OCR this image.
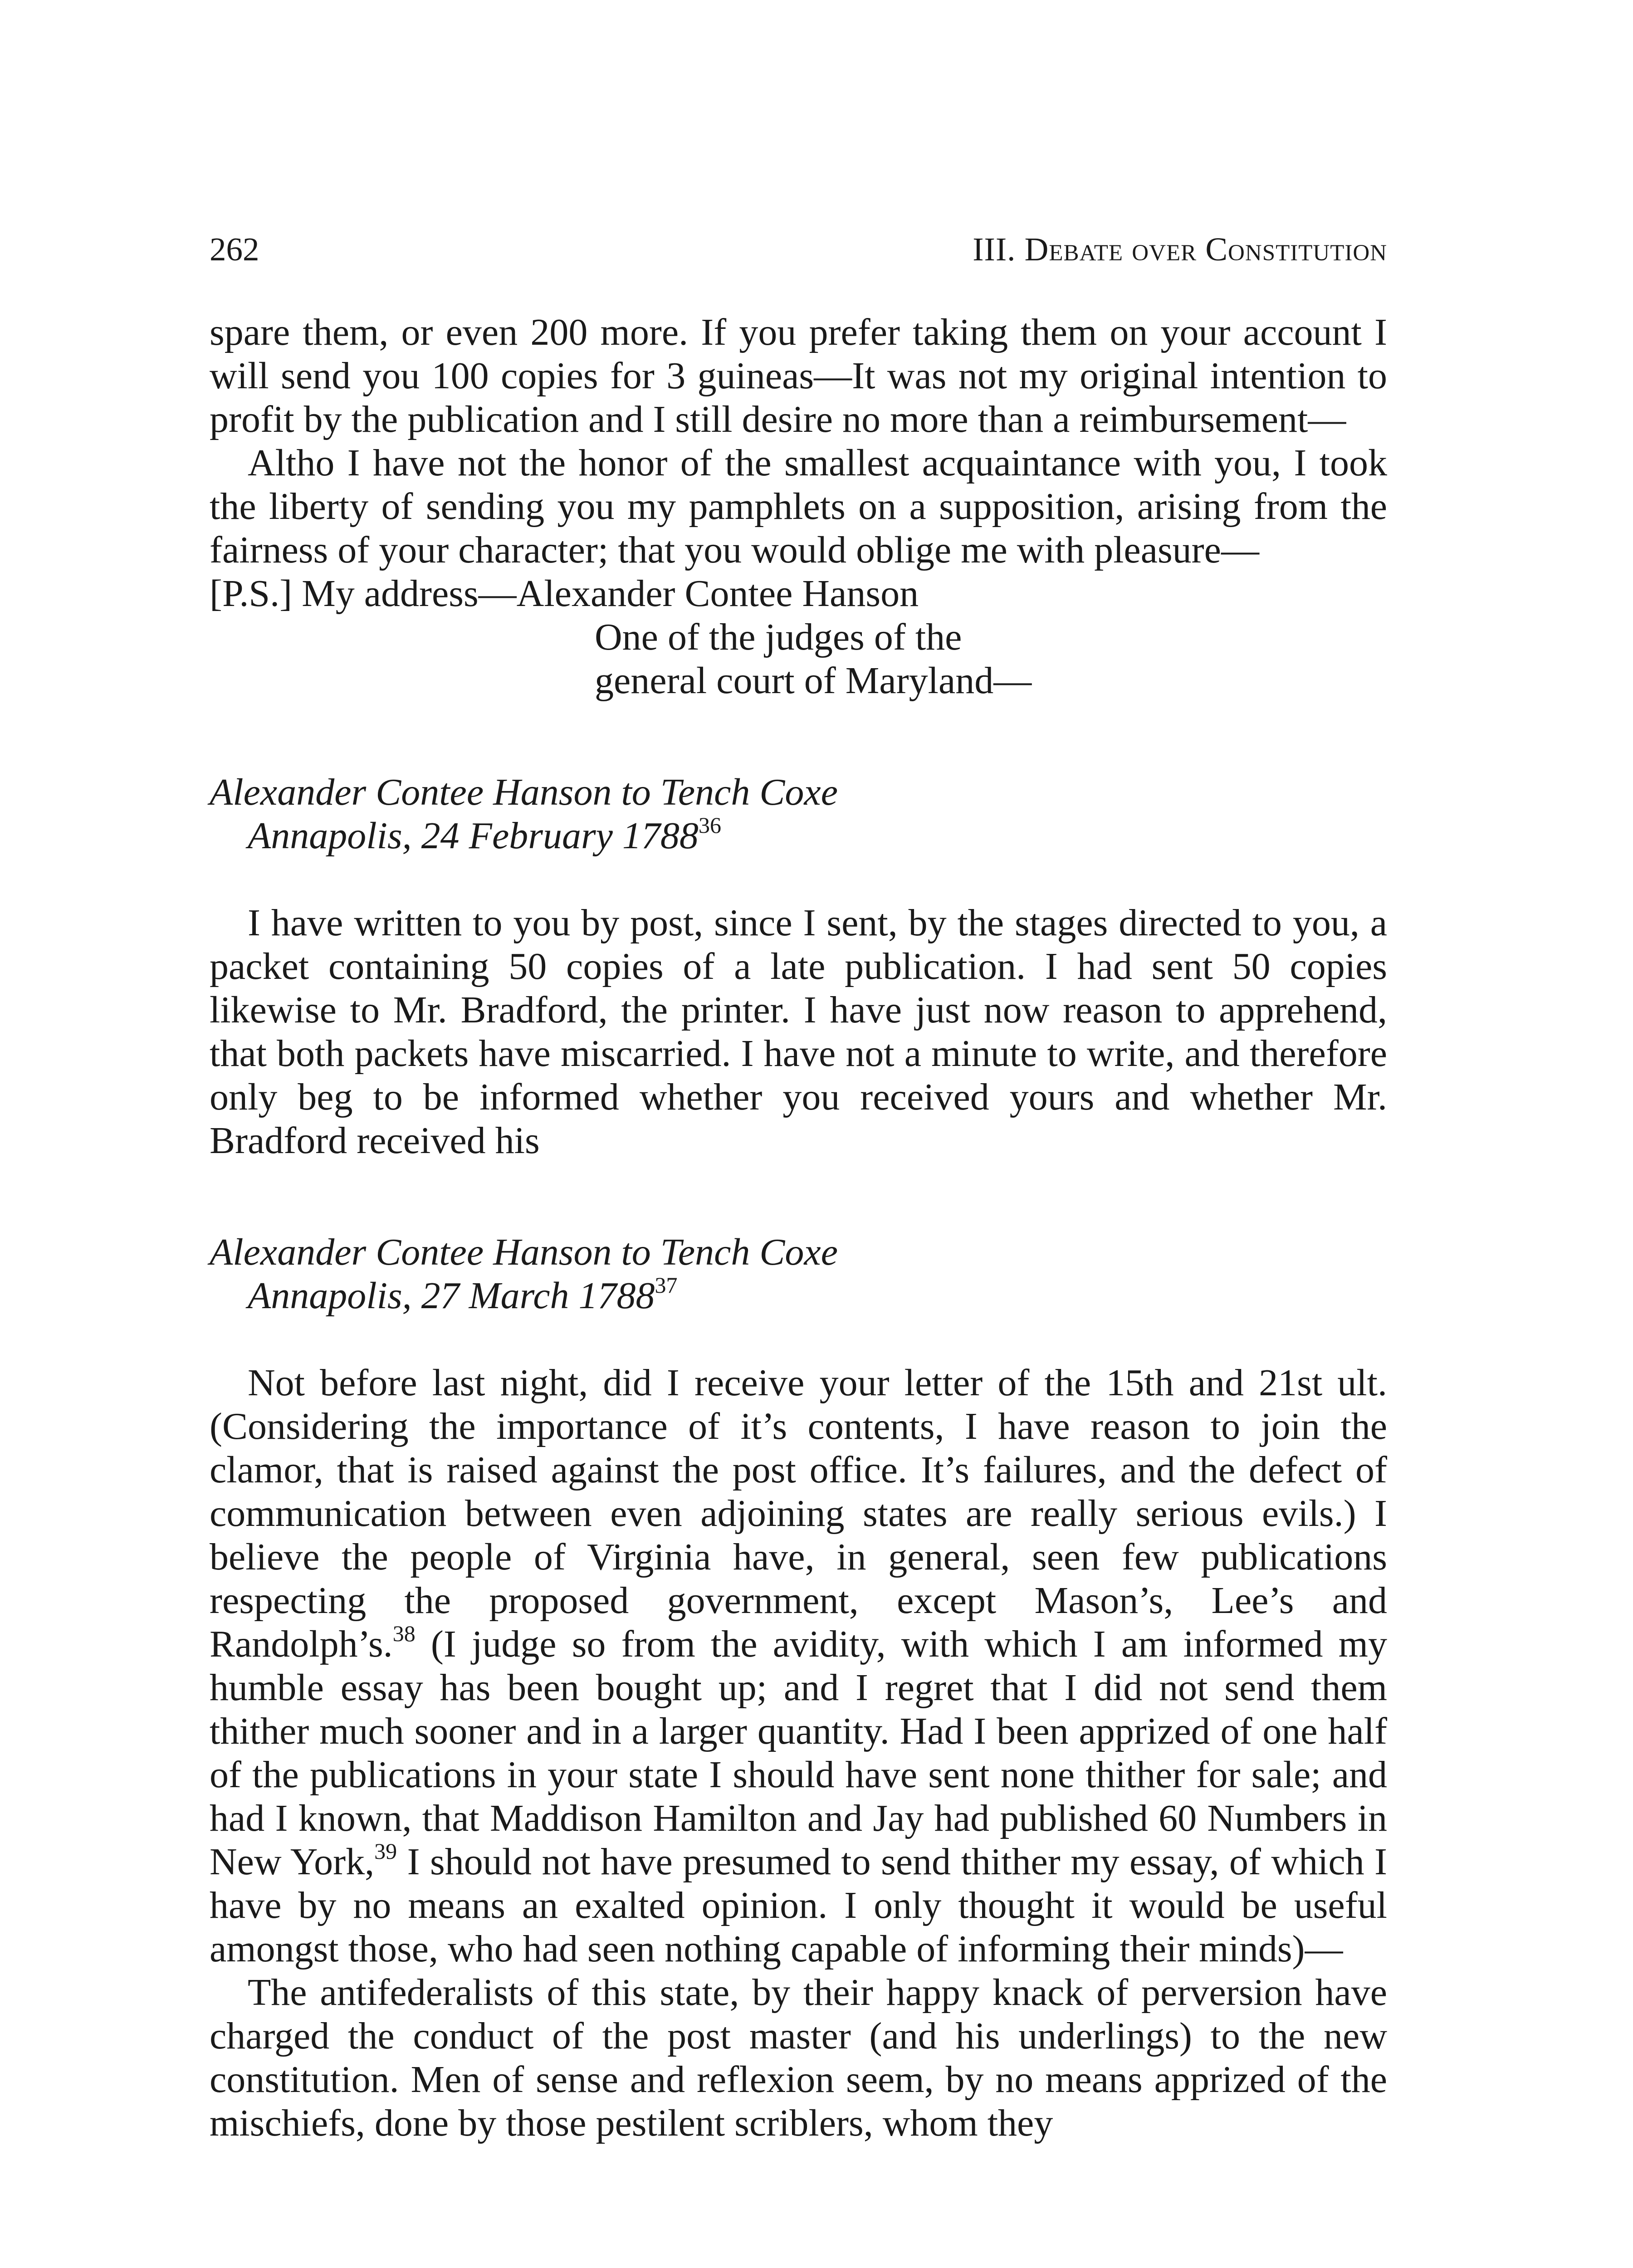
262	III. Debate over Constitution

spare them, or even 200 more. If you prefer taking them on your account I will send you 100 copies for 3 guineas—It was not my original intention to profit by the publication and I still desire no more than a reimbursement—

Altho I have not the honor of the smallest acquaintance with you, I took the liberty of sending you my pamphlets on a supposition, arising from the fairness of your character; that you would oblige me with pleasure—

[P.S.] My address—Alexander Contee Hanson

One of the judges of the

general court of Maryland—

Alexander Contee Hanson to Tench Coxe
Annapolis, 24 February 1788$^{36}$

I have written to you by post, since I sent, by the stages directed to you, a packet containing 50 copies of a late publication. I had sent 50 copies likewise to Mr. Bradford, the printer. I have just now reason to apprehend, that both packets have miscarried. I have not a minute to write, and therefore only beg to be informed whether you received yours and whether Mr. Bradford received his

Alexander Contee Hanson to Tench Coxe
Annapolis, 27 March 1788$^{37}$

Not before last night, did I receive your letter of the 15th and 21st ult. (Considering the importance of it’s contents, I have reason to join the clamor, that is raised against the post office. It’s failures, and the defect of communication between even adjoining states are really serious evils.) I believe the people of Virginia have, in general, seen few publications respecting the proposed government, except Mason’s, Lee’s and Randolph’s.$^{38}$ (I judge so from the avidity, with which I am informed my humble essay has been bought up; and I regret that I did not send them thither much sooner and in a larger quantity. Had I been apprized of one half of the publications in your state I should have sent none thither for sale; and had I known, that Maddison Hamilton and Jay had published 60 Numbers in New York,$^{39}$ I should not have presumed to send thither my essay, of which I have by no means an exalted opinion. I only thought it would be useful amongst those, who had seen nothing capable of informing their minds)—

The antifederalists of this state, by their happy knack of perversion have charged the conduct of the post master (and his underlings) to the new constitution. Men of sense and reflexion seem, by no means apprized of the mischiefs, done by those pestilent scriblers, whom they
